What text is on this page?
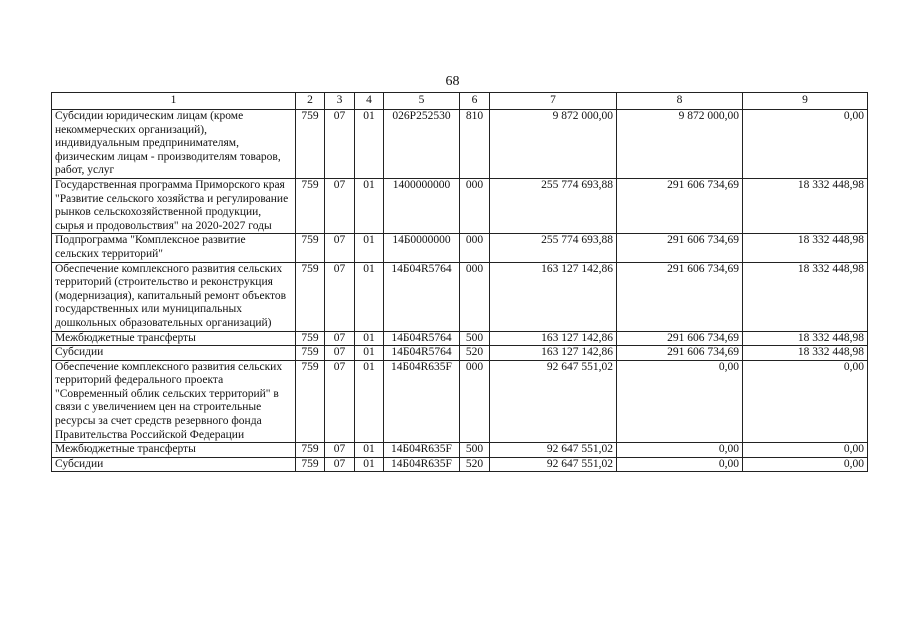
68
1	2	3	4	5	6	7	8	9
Субсидии юридическим лицам (кроме некоммерческих организаций), индивидуальным предпринимателям, физическим лицам - производителям товаров, работ, услуг	759	07	01	026P252530	810	9 872 000,00	9 872 000,00	0,00
Государственная программа Приморского края "Развитие сельского хозяйства и регулирование рынков сельскохозяйственной продукции, сырья и продовольствия" на 2020-2027 годы	759	07	01	1400000000	000	255 774 693,88	291 606 734,69	18 332 448,98
Подпрограмма "Комплексное развитие сельских территорий"	759	07	01	14Б0000000	000	255 774 693,88	291 606 734,69	18 332 448,98
Обеспечение комплексного развития сельских территорий (строительство и реконструкция (модернизация), капитальный ремонт объектов государственных или муниципальных дошкольных образовательных организаций)	759	07	01	14Б04R5764	000	163 127 142,86	291 606 734,69	18 332 448,98
Межбюджетные трансферты	759	07	01	14Б04R5764	500	163 127 142,86	291 606 734,69	18 332 448,98
Субсидии	759	07	01	14Б04R5764	520	163 127 142,86	291 606 734,69	18 332 448,98
Обеспечение комплексного развития сельских территорий федерального проекта "Современный облик сельских территорий" в связи с увеличением цен на строительные ресурсы за счет средств резервного фонда Правительства Российской Федерации	759	07	01	14Б04R635F	000	92 647 551,02	0,00	0,00
Межбюджетные трансферты	759	07	01	14Б04R635F	500	92 647 551,02	0,00	0,00
Субсидии	759	07	01	14Б04R635F	520	92 647 551,02	0,00	0,00
